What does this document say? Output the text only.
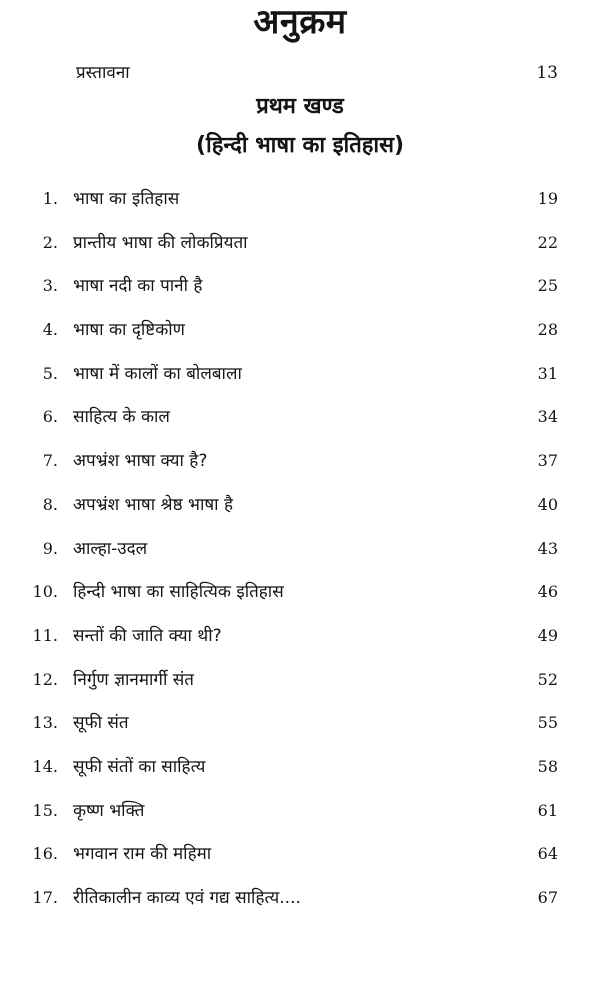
अनुक्रम
प्रस्तावना	13
प्रथम खण्ड
(हिन्दी भाषा का इतिहास)
1. भाषा का इतिहास	19
2. प्रान्तीय भाषा की लोकप्रियता	22
3. भाषा नदी का पानी है	25
4. भाषा का दृष्टिकोण	28
5. भाषा में कालों का बोलबाला	31
6. साहित्य के काल	34
7. अपभ्रंश भाषा क्या है?	37
8. अपभ्रंश भाषा श्रेष्ठ भाषा है	40
9. आल्हा-उदल	43
10. हिन्दी भाषा का साहित्यिक इतिहास	46
11. सन्तों की जाति क्या थी?	49
12. निर्गुण ज्ञानमार्गी संत	52
13. सूफी संत	55
14. सूफी संतों का साहित्य	58
15. कृष्ण भक्ति	61
16. भगवान राम की महिमा	64
17. रीतिकालीन काव्य एवं गद्य साहित्य....	67
